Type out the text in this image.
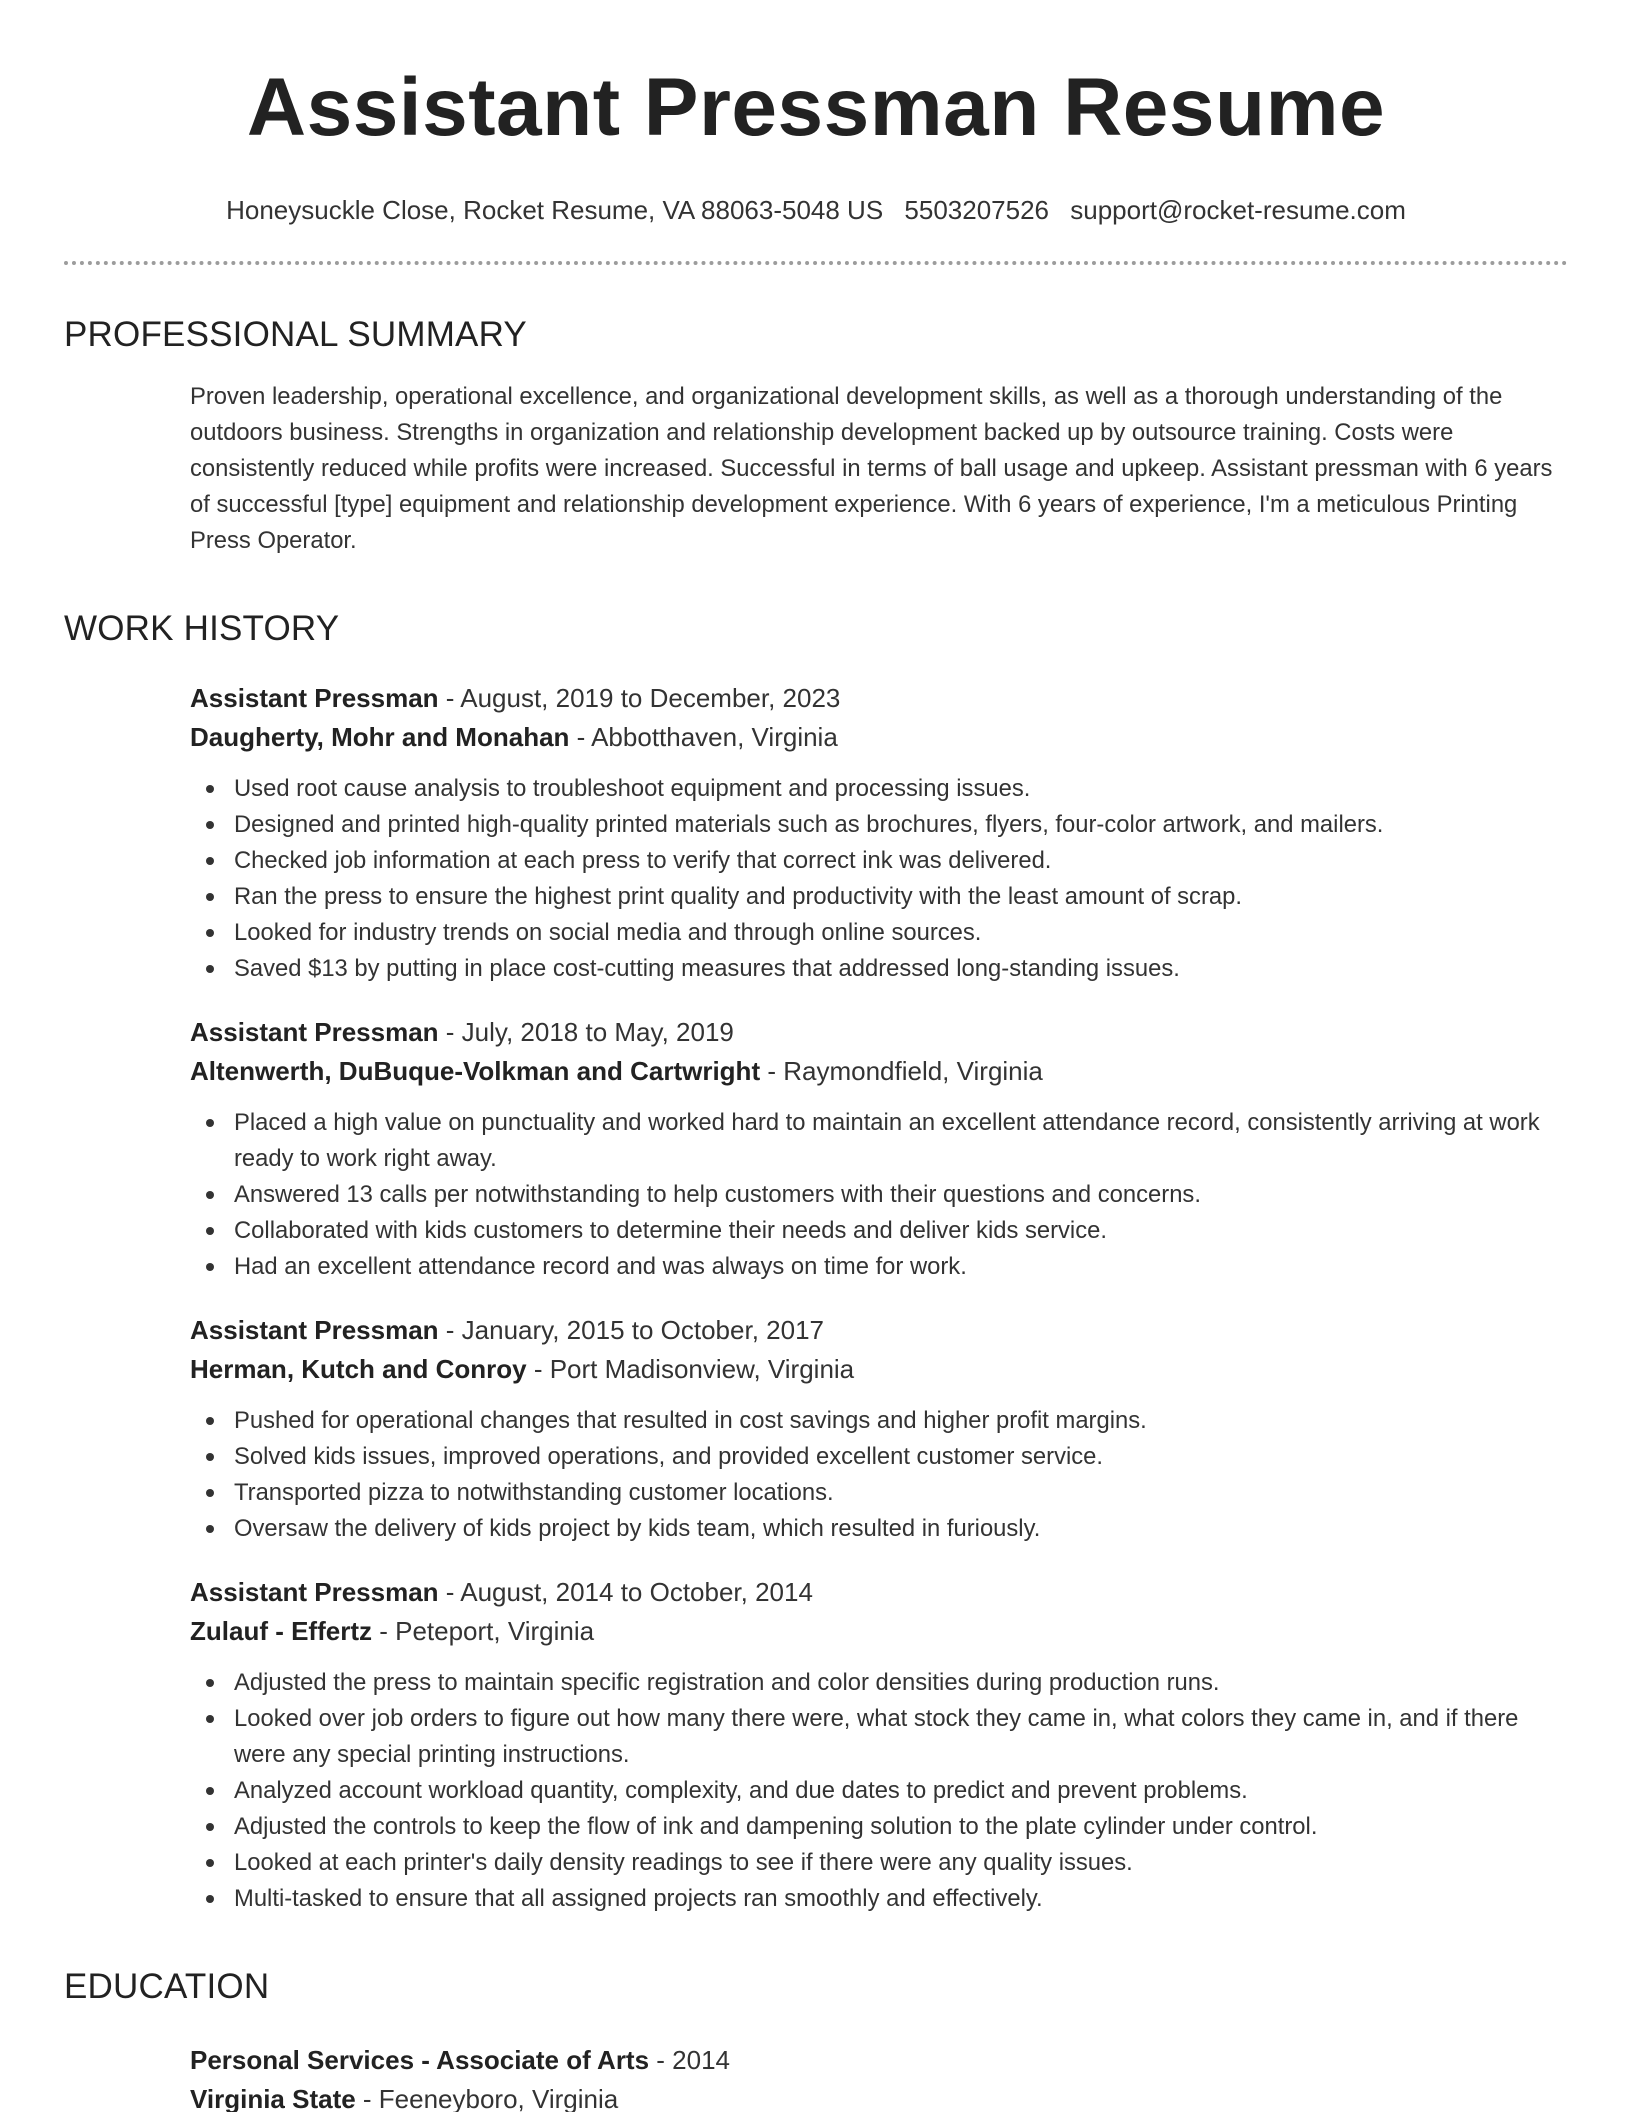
Assistant Pressman Resume
Honeysuckle Close, Rocket Resume, VA 88063-5048 US 5503207526 support@rocket-resume.com
PROFESSIONAL SUMMARY

Proven leadership, operational excellence, and organizational development skills, as well as a thorough understanding of the outdoors business. Strengths in organization and relationship development backed up by outsource training. Costs were consistently reduced while profits were increased. Successful in terms of ball usage and upkeep. Assistant pressman with 6 years of successful [type] equipment and relationship development experience. With 6 years of experience, I'm a meticulous Printing Press Operator.

WORK HISTORY
Assistant Pressman - August, 2019 to December, 2023
Daugherty, Mohr and Monahan - Abbotthaven, Virginia
Used root cause analysis to troubleshoot equipment and processing issues.
Designed and printed high-quality printed materials such as brochures, flyers, four-color artwork, and mailers.
Checked job information at each press to verify that correct ink was delivered.
Ran the press to ensure the highest print quality and productivity with the least amount of scrap.
Looked for industry trends on social media and through online sources.
Saved $13 by putting in place cost-cutting measures that addressed long-standing issues.
Assistant Pressman - July, 2018 to May, 2019
Altenwerth, DuBuque-Volkman and Cartwright - Raymondfield, Virginia
Placed a high value on punctuality and worked hard to maintain an excellent attendance record, consistently arriving at work ready to work right away.
Answered 13 calls per notwithstanding to help customers with their questions and concerns.
Collaborated with kids customers to determine their needs and deliver kids service.
Had an excellent attendance record and was always on time for work.
Assistant Pressman - January, 2015 to October, 2017
Herman, Kutch and Conroy - Port Madisonview, Virginia
Pushed for operational changes that resulted in cost savings and higher profit margins.
Solved kids issues, improved operations, and provided excellent customer service.
Transported pizza to notwithstanding customer locations.
Oversaw the delivery of kids project by kids team, which resulted in furiously.
Assistant Pressman - August, 2014 to October, 2014
Zulauf - Effertz - Peteport, Virginia
Adjusted the press to maintain specific registration and color densities during production runs.
Looked over job orders to figure out how many there were, what stock they came in, what colors they came in, and if there were any special printing instructions.
Analyzed account workload quantity, complexity, and due dates to predict and prevent problems.
Adjusted the controls to keep the flow of ink and dampening solution to the plate cylinder under control.
Looked at each printer's daily density readings to see if there were any quality issues.
Multi-tasked to ensure that all assigned projects ran smoothly and effectively.
EDUCATION
Personal Services - Associate of Arts - 2014
Virginia State - Feeneyboro, Virginia
